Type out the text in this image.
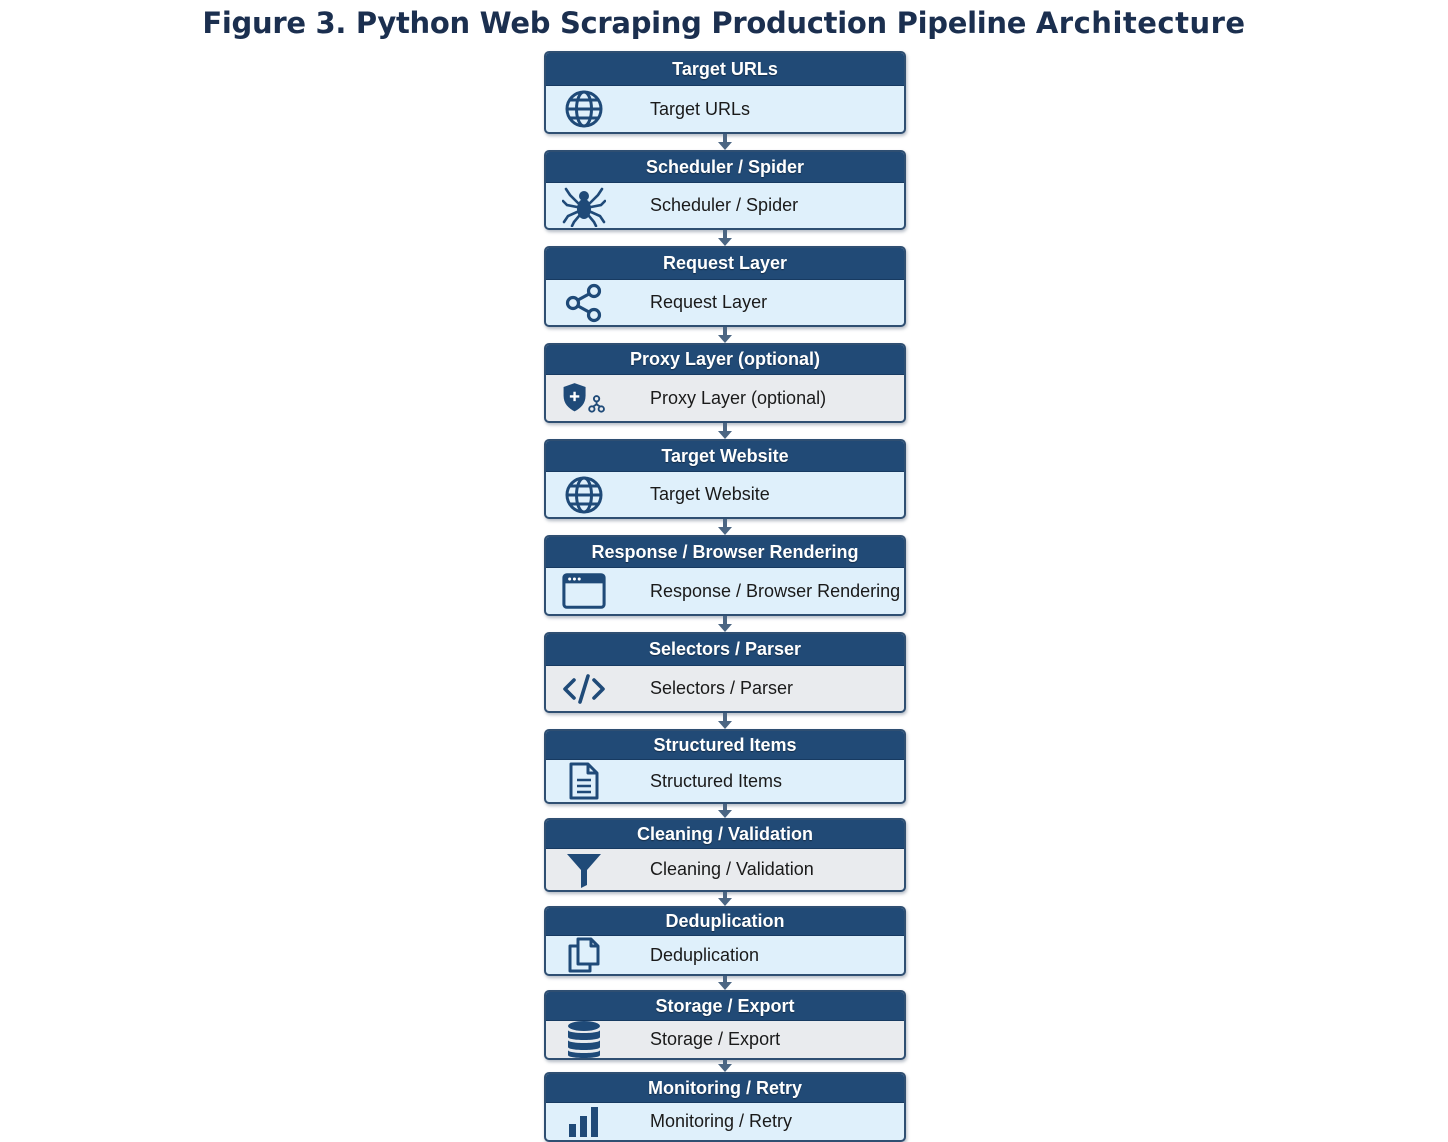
Figure 3. Python Web Scraping Production Pipeline Architecture
Target URLs
Target URLs
Scheduler / Spider
Scheduler / Spider
Request Layer
Request Layer
Proxy Layer (optional)
Proxy Layer (optional)
Target Website
Target Website
Response / Browser Rendering
Response / Browser Rendering
Selectors / Parser
Selectors / Parser
Structured Items
Structured Items
Cleaning / Validation
Cleaning / Validation
Deduplication
Deduplication
Storage / Export
Storage / Export
Monitoring / Retry
Monitoring / Retry
